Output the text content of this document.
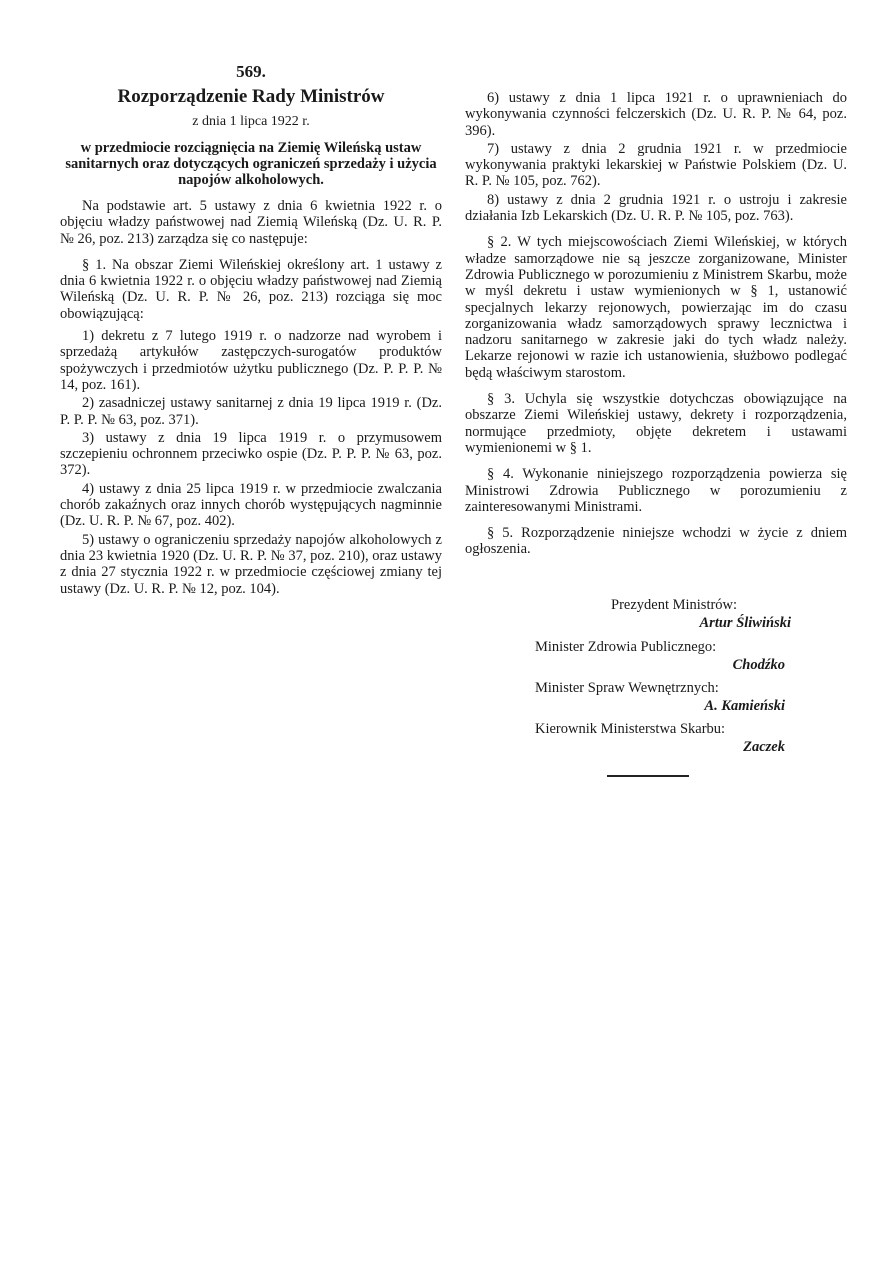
569.

Rozporządzenie Rady Ministrów

z dnia 1 lipca 1922 r.

w przedmiocie rozciągnięcia na Ziemię Wileńską ustaw sanitarnych oraz dotyczących ograniczeń sprzedaży i użycia napojów alkoholowych.

Na podstawie art. 5 ustawy z dnia 6 kwietnia 1922 r. o objęciu władzy państwowej nad Ziemią Wileńską (Dz. U. R. P. № 26, poz. 213) zarządza się co następuje:

§ 1. Na obszar Ziemi Wileńskiej określony art. 1 ustawy z dnia 6 kwietnia 1922 r. o objęciu władzy państwowej nad Ziemią Wileńską (Dz. U. R. P. № 26, poz. 213) rozciąga się moc obowiązującą:

1) dekretu z 7 lutego 1919 r. o nadzorze nad wyrobem i sprzedażą artykułów zastępczych-surogatów produktów spożywczych i przedmiotów użytku publicznego (Dz. P. P. P. № 14, poz. 161).

2) zasadniczej ustawy sanitarnej z dnia 19 lipca 1919 r. (Dz. P. P. P. № 63, poz. 371).

3) ustawy z dnia 19 lipca 1919 r. o przymusowem szczepieniu ochronnem przeciwko ospie (Dz. P. P. P. № 63, poz. 372).

4) ustawy z dnia 25 lipca 1919 r. w przedmiocie zwalczania chorób zakaźnych oraz innych chorób występujących nagminnie (Dz. U. R. P. № 67, poz. 402).

5) ustawy o ograniczeniu sprzedaży napojów alkoholowych z dnia 23 kwietnia 1920 (Dz. U. R. P. № 37, poz. 210), oraz ustawy z dnia 27 stycznia 1922 r. w przedmiocie częściowej zmiany tej ustawy (Dz. U. R. P. № 12, poz. 104).

6) ustawy z dnia 1 lipca 1921 r. o uprawnieniach do wykonywania czynności felczerskich (Dz. U. R. P. № 64, poz. 396).

7) ustawy z dnia 2 grudnia 1921 r. w przedmiocie wykonywania praktyki lekarskiej w Państwie Polskiem (Dz. U. R. P. № 105, poz. 762).

8) ustawy z dnia 2 grudnia 1921 r. o ustroju i zakresie działania Izb Lekarskich (Dz. U. R. P. № 105, poz. 763).

§ 2. W tych miejscowościach Ziemi Wileńskiej, w których władze samorządowe nie są jeszcze zorganizowane, Minister Zdrowia Publicznego w porozumieniu z Ministrem Skarbu, może w myśl dekretu i ustaw wymienionych w § 1, ustanowić specjalnych lekarzy rejonowych, powierzając im do czasu zorganizowania władz samorządowych sprawy lecznictwa i nadzoru sanitarnego w zakresie jaki do tych władz należy. Lekarze rejonowi w razie ich ustanowienia, służbowo podlegać będą właściwym starostom.

§ 3. Uchyla się wszystkie dotychczas obowiązujące na obszarze Ziemi Wileńskiej ustawy, dekrety i rozporządzenia, normujące przedmioty, objęte dekretem i ustawami wymienionemi w § 1.

§ 4. Wykonanie niniejszego rozporządzenia powierza się Ministrowi Zdrowia Publicznego w porozumieniu z zainteresowanymi Ministrami.

§ 5. Rozporządzenie niniejsze wchodzi w życie z dniem ogłoszenia.

Prezydent Ministrów:
Artur Śliwiński
Minister Zdrowia Publicznego:
Chodźko
Minister Spraw Wewnętrznych:
A. Kamieński
Kierownik Ministerstwa Skarbu:
Zaczek
